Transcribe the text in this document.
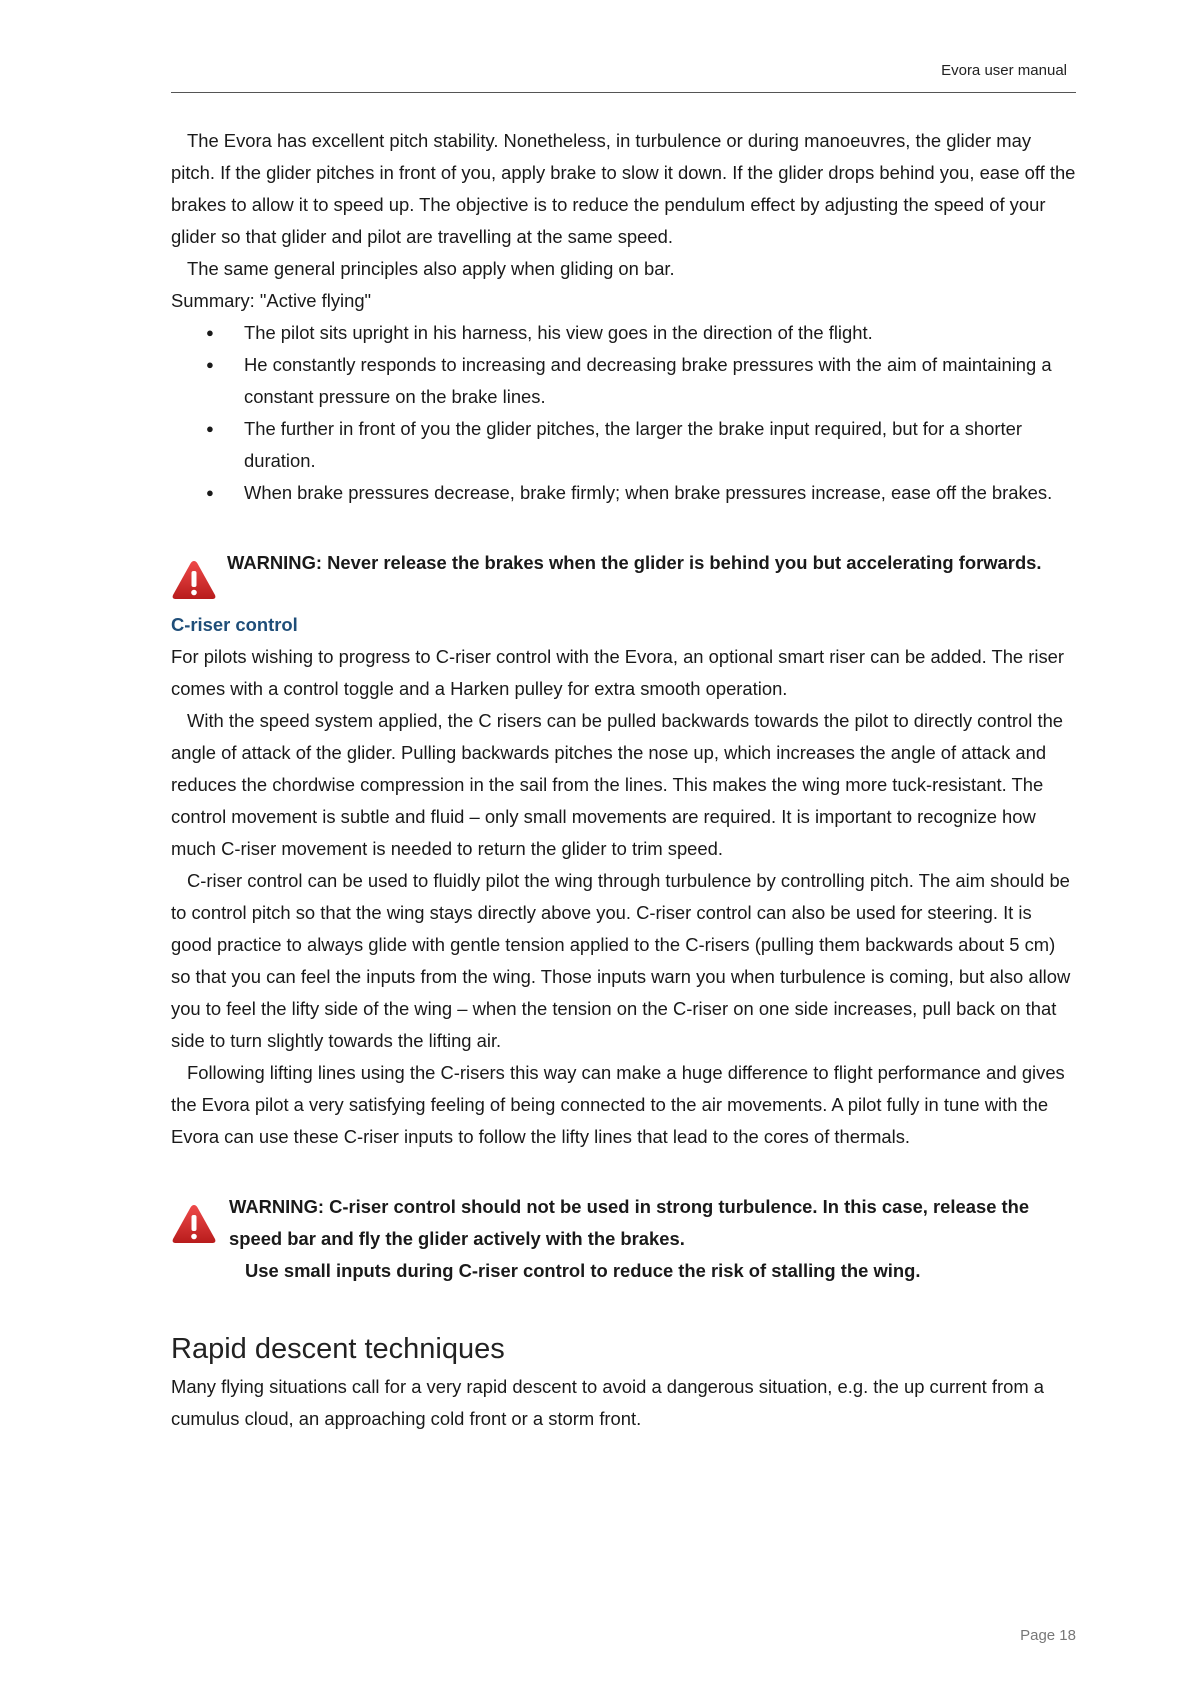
Evora user manual

The Evora has excellent pitch stability. Nonetheless, in turbulence or during manoeuvres, the glider may pitch. If the glider pitches in front of you, apply brake to slow it down. If the glider drops behind you, ease off the brakes to allow it to speed up. The objective is to reduce the pendulum effect by adjusting the speed of your glider so that glider and pilot are travelling at the same speed.

The same general principles also apply when gliding on bar.

Summary: "Active flying"

● The pilot sits upright in his harness, his view goes in the direction of the flight.
● He constantly responds to increasing and decreasing brake pressures with the aim of maintaining a constant pressure on the brake lines.
● The further in front of you the glider pitches, the larger the brake input required, but for a shorter duration.
● When brake pressures decrease, brake firmly; when brake pressures increase, ease off the brakes.
WARNING: Never release the brakes when the glider is behind you but accelerating forwards.

C-riser control

For pilots wishing to progress to C-riser control with the Evora, an optional smart riser can be added. The riser comes with a control toggle and a Harken pulley for extra smooth operation.

With the speed system applied, the C risers can be pulled backwards towards the pilot to directly control the angle of attack of the glider. Pulling backwards pitches the nose up, which increases the angle of attack and reduces the chordwise compression in the sail from the lines. This makes the wing more tuck-resistant. The control movement is subtle and fluid – only small movements are required. It is important to recognize how much C-riser movement is needed to return the glider to trim speed.

C-riser control can be used to fluidly pilot the wing through turbulence by controlling pitch. The aim should be to control pitch so that the wing stays directly above you. C-riser control can also be used for steering. It is good practice to always glide with gentle tension applied to the C-risers (pulling them backwards about 5 cm) so that you can feel the inputs from the wing. Those inputs warn you when turbulence is coming, but also allow you to feel the lifty side of the wing – when the tension on the C-riser on one side increases, pull back on that side to turn slightly towards the lifting air.

Following lifting lines using the C-risers this way can make a huge difference to flight performance and gives the Evora pilot a very satisfying feeling of being connected to the air movements. A pilot fully in tune with the Evora can use these C-riser inputs to follow the lifty lines that lead to the cores of thermals.

WARNING: C-riser control should not be used in strong turbulence. In this case, release the speed bar and fly the glider actively with the brakes.
Use small inputs during C-riser control to reduce the risk of stalling the wing.
Rapid descent techniques

Many flying situations call for a very rapid descent to avoid a dangerous situation, e.g. the up current from a cumulus cloud, an approaching cold front or a storm front.

Page 18
